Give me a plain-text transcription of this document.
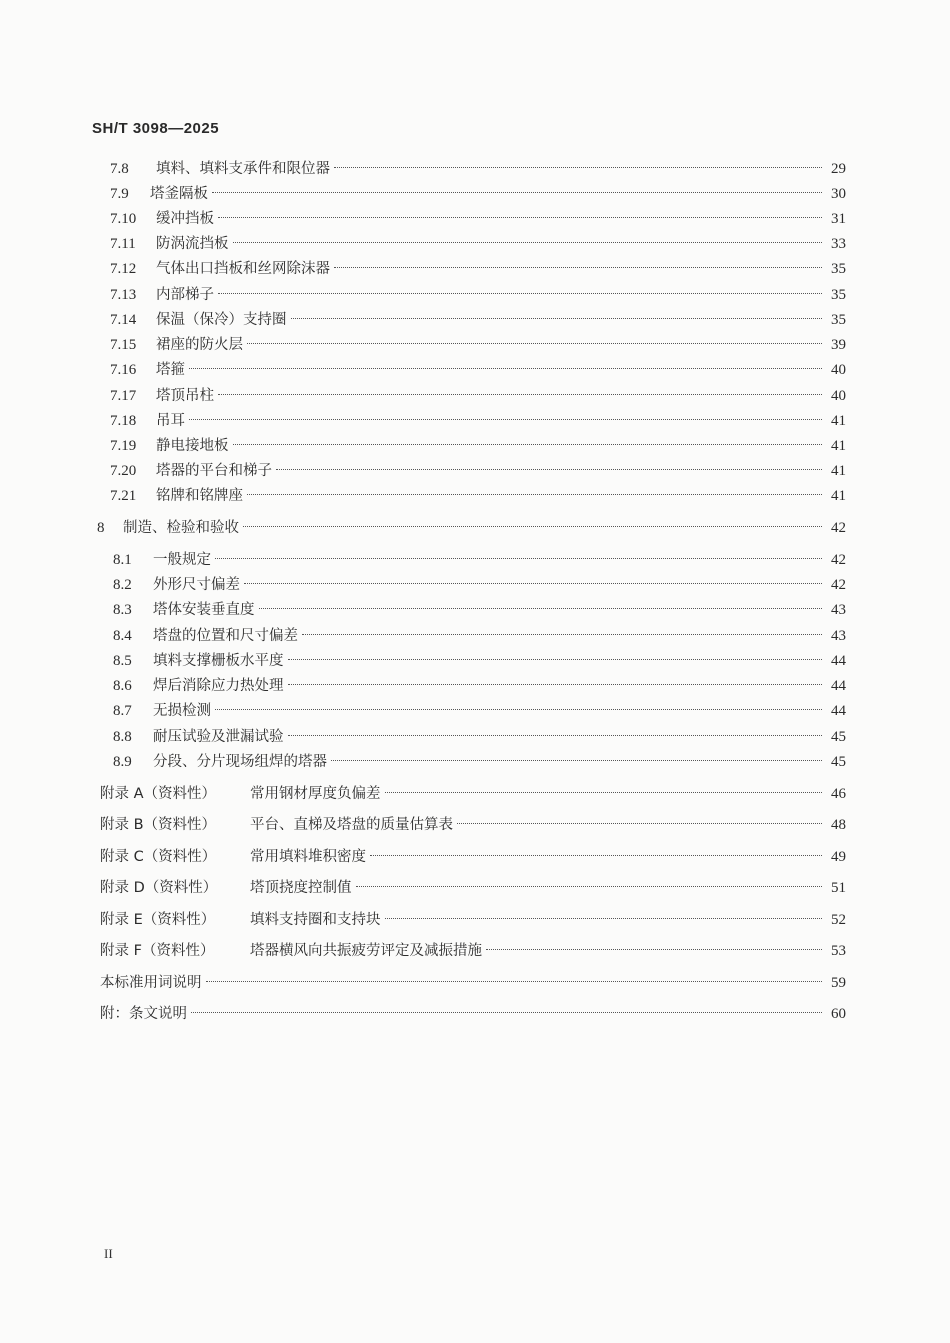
SH/T 3098—2025
7.8	填料、填料支承件和限位器	29
7.9	塔釜隔板	30
7.10	缓冲挡板	31
7.11	防涡流挡板	33
7.12	气体出口挡板和丝网除沫器	35
7.13	内部梯子	35
7.14	保温（保冷）支持圈	35
7.15	裙座的防火层	39
7.16	塔箍	40
7.17	塔顶吊柱	40
7.18	吊耳	41
7.19	静电接地板	41
7.20	塔器的平台和梯子	41
7.21	铭牌和铭牌座	41
8	制造、检验和验收	42
8.1	一般规定	42
8.2	外形尺寸偏差	42
8.3	塔体安装垂直度	43
8.4	塔盘的位置和尺寸偏差	43
8.5	填料支撑栅板水平度	44
8.6	焊后消除应力热处理	44
8.7	无损检测	44
8.8	耐压试验及泄漏试验	45
8.9	分段、分片现场组焊的塔器	45
附录 A（资料性）	常用钢材厚度负偏差	46
附录 B（资料性）	平台、直梯及塔盘的质量估算表	48
附录 C（资料性）	常用填料堆积密度	49
附录 D（资料性）	塔顶挠度控制值	51
附录 E（资料性）	填料支持圈和支持块	52
附录 F（资料性）	塔器横风向共振疲劳评定及减振措施	53
本标准用词说明	59
附：条文说明	60
II
